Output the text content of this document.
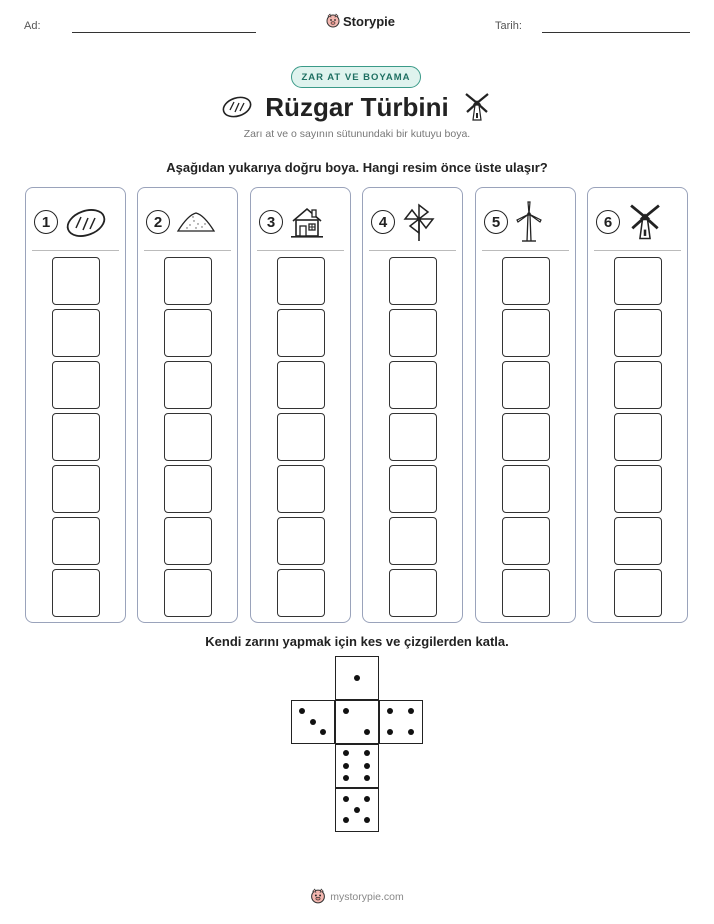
Ad:	Storypie	Tarih:
ZAR AT VE BOYAMA
Rüzgar Türbini
Zarı at ve o sayının sütunundaki bir kutuyu boya.
Aşağıdan yukarıya doğru boya. Hangi resim önce üste ulaşır?
1	2	3	4	5	6
Kendi zarını yapmak için kes ve çizgilerden katla.
mystorypie.com
